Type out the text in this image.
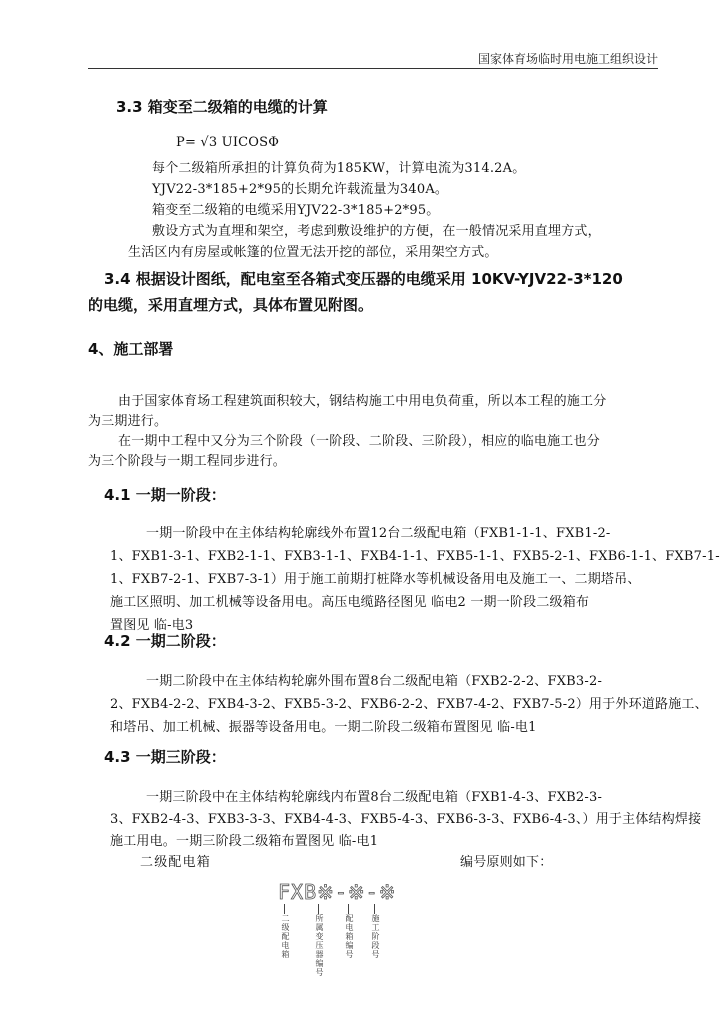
国家体育场临时用电施工组织设计
3.3 箱变至二级箱的电缆的计算
P= √3 UICOSΦ
每个二级箱所承担的计算负荷为185KW，计算电流为314.2A。
YJV22-3*185+2*95的长期允许载流量为340A。
箱变至二级箱的电缆采用YJV22-3*185+2*95。
敷设方式为直埋和架空，考虑到敷设维护的方便，在一般情况采用直埋方式，
生活区内有房屋或帐篷的位置无法开挖的部位，采用架空方式。
3.4 根据设计图纸，配电室至各箱式变压器的电缆采用 10KV-YJV22-3*120
的电缆，采用直埋方式，具体布置见附图。
4、施工部署
由于国家体育场工程建筑面积较大，钢结构施工中用电负荷重，所以本工程的施工分
为三期进行。
在一期中工程中又分为三个阶段（一阶段、二阶段、三阶段），相应的临电施工也分
为三个阶段与一期工程同步进行。
4.1 一期一阶段：
一期一阶段中在主体结构轮廓线外布置12台二级配电箱（FXB1-1-1、FXB1-2-
1、FXB1-3-1、FXB2-1-1、FXB3-1-1、FXB4-1-1、FXB5-1-1、FXB5-2-1、FXB6-1-1、FXB7-1-
1、FXB7-2-1、FXB7-3-1）用于施工前期打桩降水等机械设备用电及施工一、二期塔吊、
施工区照明、加工机械等设备用电。高压电缆路径图见 临电2 一期一阶段二级箱布
置图见 临-电3
4.2 一期二阶段：
一期二阶段中在主体结构轮廓外围布置8台二级配电箱（FXB2-2-2、FXB3-2-
2、FXB4-2-2、FXB4-3-2、FXB5-3-2、FXB6-2-2、FXB7-4-2、FXB7-5-2）用于外环道路施工、
和塔吊、加工机械、振器等设备用电。一期二阶段二级箱布置图见 临-电1
4.3 一期三阶段：
一期三阶段中在主体结构轮廓线内布置8台二级配电箱（FXB1-4-3、FXB2-3-
3、FXB2-4-3、FXB3-3-3、FXB4-4-3、FXB5-4-3、FXB6-3-3、FXB6-4-3、）用于主体结构焊接
施工用电。一期三阶段二级箱布置图见 临-电1
二级配电箱	编号原则如下：
FXB※-※-※
二级配电箱	所属变压器编号	配电箱编号 施工阶段号
